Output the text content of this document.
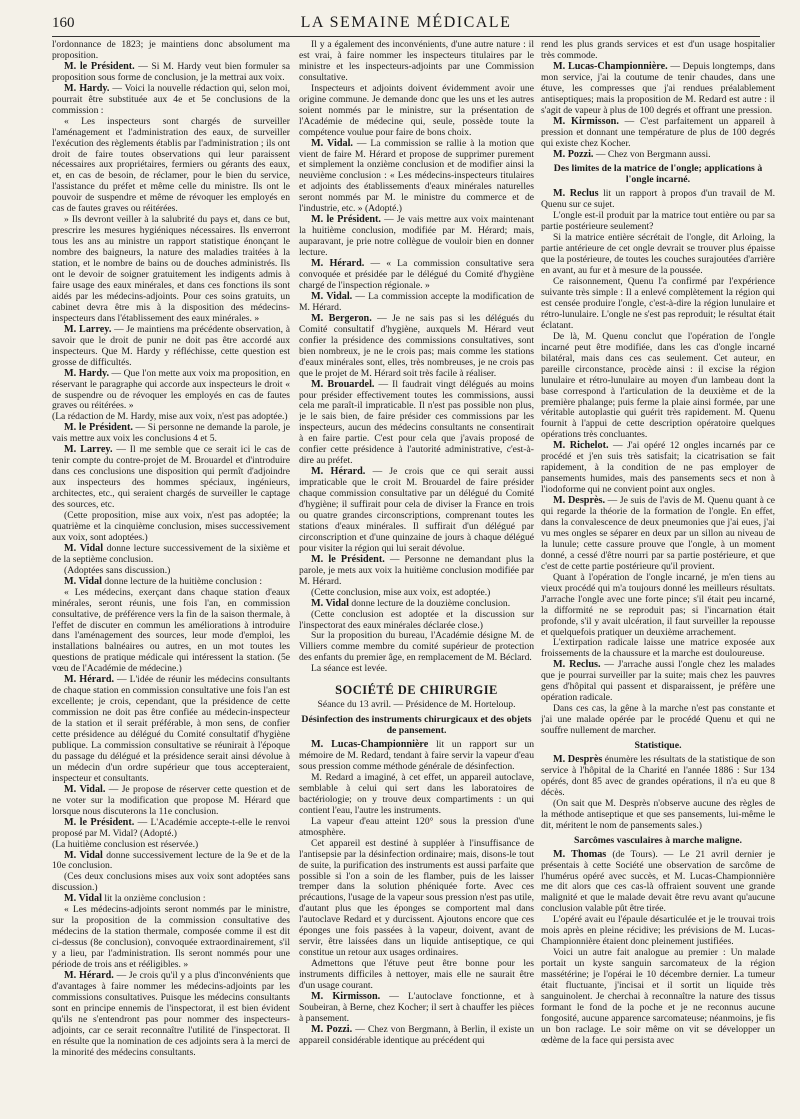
160	LA SEMAINE MÉDICALE

l'ordonnance de 1823; je maintiens donc absolument ma proposition.

M. le Président. — Si M. Hardy veut bien formuler sa proposition sous forme de conclusion, je la mettrai aux voix.

M. Hardy. — Voici la nouvelle rédaction qui, selon moi, pourrait être substituée aux 4e et 5e conclusions de la commission :

« Les inspecteurs sont chargés de surveiller l'aménagement et l'administration des eaux, de surveiller l'exécution des règlements établis par l'administration ; ils ont droit de faire toutes observations qui leur paraissent nécessaires aux propriétaires, fermiers ou gérants des eaux, et, en cas de besoin, de réclamer, pour le bien du service, l'assistance du préfet et même celle du ministre. Ils ont le pouvoir de suspendre et même de révoquer les employés en cas de fautes graves ou réitérées.

» Ils devront veiller à la salubrité du pays et, dans ce but, prescrire les mesures hygiéniques nécessaires. Ils enverront tous les ans au ministre un rapport statistique énonçant le nombre des baigneurs, la nature des maladies traitées à la station, et le nombre de bains ou de douches administrés. Ils ont le devoir de soigner gratuitement les indigents admis à faire usage des eaux minérales, et dans ces fonctions ils sont aidés par les médecins-adjoints. Pour ces soins gratuits, un cabinet devra être mis à la disposition des médecins-inspecteurs dans l'établissement des eaux minérales. »

M. Larrey. — Je maintiens ma précédente observation, à savoir que le droit de punir ne doit pas être accordé aux inspecteurs. Que M. Hardy y réfléchisse, cette question est grosse de difficultés.

M. Hardy. — Que l'on mette aux voix ma proposition, en réservant le paragraphe qui accorde aux inspecteurs le droit « de suspendre ou de révoquer les employés en cas de fautes graves ou réitérées. »

(La rédaction de M. Hardy, mise aux voix, n'est pas adoptée.)

M. le Président. — Si personne ne demande la parole, je vais mettre aux voix les conclusions 4 et 5.

M. Larrey. — Il me semble que ce serait ici le cas de tenir compte du contre-projet de M. Brouardel et d'introduire dans ces conclusions une disposition qui permît d'adjoindre aux inspecteurs des hommes spéciaux, ingénieurs, architectes, etc., qui seraient chargés de surveiller le captage des sources, etc.

(Cette proposition, mise aux voix, n'est pas adoptée; la quatrième et la cinquième conclusion, mises successivement aux voix, sont adoptées.)

M. Vidal donne lecture successivement de la sixième et de la septième conclusion.

(Adoptées sans discussion.)

M. Vidal donne lecture de la huitième conclusion :

« Les médecins, exerçant dans chaque station d'eaux minérales, seront réunis, une fois l'an, en commission consultative, de préférence vers la fin de la saison thermale, à l'effet de discuter en commun les améliorations à introduire dans l'aménagement des sources, leur mode d'emploi, les installations balnéaires ou autres, en un mot toutes les questions de pratique médicale qui intéressent la station. (5e vœu de l'Académie de médecine.)

M. Hérard. — L'idée de réunir les médecins consultants de chaque station en commission consultative une fois l'an est excellente; je crois, cependant, que la présidence de cette commission ne doit pas être confiée au médecin-inspecteur de la station et il serait préférable, à mon sens, de confier cette présidence au délégué du Comité consultatif d'hygiène publique. La commission consultative se réunirait à l'époque du passage du délégué et la présidence serait ainsi dévolue à un médecin d'un ordre supérieur que tous accepteraient, inspecteur et consultants.

M. Vidal. — Je propose de réserver cette question et de ne voter sur la modification que propose M. Hérard que lorsque nous discuterons la 11e conclusion.

M. le Président. — L'Académie accepte-t-elle le renvoi proposé par M. Vidal? (Adopté.)

(La huitième conclusion est réservée.)

M. Vidal donne successivement lecture de la 9e et de la 10e conclusion.

(Ces deux conclusions mises aux voix sont adoptées sans discussion.)

M. Vidal lit la onzième conclusion :

« Les médecins-adjoints seront nommés par le ministre, sur la proposition de la commission consultative des médecins de la station thermale, composée comme il est dit ci-dessus (8e conclusion), convoquée extraordinairement, s'il y a lieu, par l'administration. Ils seront nommés pour une période de trois ans et rééligibles. »

M. Hérard. — Je crois qu'il y a plus d'inconvénients que d'avantages à faire nommer les médecins-adjoints par les commissions consultatives. Puisque les médecins consultants sont en principe ennemis de l'inspectorat, il est bien évident qu'ils ne s'entendront pas pour nommer des inspecteurs-adjoints, car ce serait reconnaître l'utilité de l'inspectorat. Il en résulte que la nomination de ces adjoints sera à la merci de la minorité des médecins consultants.

Il y a également des inconvénients, d'une autre nature : il est vrai, à faire nommer les inspecteurs titulaires par le ministre et les inspecteurs-adjoints par une Commission consultative.

Inspecteurs et adjoints doivent évidemment avoir une origine commune. Je demande donc que les uns et les autres soient nommés par le ministre, sur la présentation de l'Académie de médecine qui, seule, possède toute la compétence voulue pour faire de bons choix.

M. Vidal. — La commission se rallie à la motion que vient de faire M. Hérard et propose de supprimer purement et simplement la onzième conclusion et de modifier ainsi la neuvième conclusion : « Les médecins-inspecteurs titulaires et adjoints des établissements d'eaux minérales naturelles seront nommés par M. le ministre du commerce et de l'industrie, etc. » (Adopté.)

M. le Président. — Je vais mettre aux voix maintenant la huitième conclusion, modifiée par M. Hérard; mais, auparavant, je prie notre collègue de vouloir bien en donner lecture.

M. Hérard. — « La commission consultative sera convoquée et présidée par le délégué du Comité d'hygiène chargé de l'inspection régionale. »

M. Vidal. — La commission accepte la modification de M. Hérard.

M. Bergeron. — Je ne sais pas si les délégués du Comité consultatif d'hygiène, auxquels M. Hérard veut confier la présidence des commissions consultatives, sont bien nombreux, je ne le crois pas; mais comme les stations d'eaux minérales sont, elles, très nombreuses, je ne crois pas que le projet de M. Hérard soit très facile à réaliser.

M. Brouardel. — Il faudrait vingt délégués au moins pour présider effectivement toutes les commissions, aussi cela me paraît-il impraticable. Il n'est pas possible non plus, je le sais bien, de faire présider ces commissions par les inspecteurs, aucun des médecins consultants ne consentirait à en faire partie. C'est pour cela que j'avais proposé de confier cette présidence à l'autorité administrative, c'est-à-dire au préfet.

M. Hérard. — Je crois que ce qui serait aussi impraticable que le croit M. Brouardel de faire présider chaque commission consultative par un délégué du Comité d'hygiène; il suffirait pour cela de diviser la France en trois ou quatre grandes circonscriptions, comprenant toutes les stations d'eaux minérales. Il suffirait d'un délégué par circonscription et d'une quinzaine de jours à chaque délégué pour visiter la région qui lui serait dévolue.

M. le Président. — Personne ne demandant plus la parole, je mets aux voix la huitième conclusion modifiée par M. Hérard.

(Cette conclusion, mise aux voix, est adoptée.)

M. Vidal donne lecture de la douzième conclusion.

(Cette conclusion est adoptée et la discussion sur l'inspectorat des eaux minérales déclarée close.)

Sur la proposition du bureau, l'Académie désigne M. de Villiers comme membre du comité supérieur de protection des enfants du premier âge, en remplacement de M. Béclard.

La séance est levée.

SOCIÉTÉ DE CHIRURGIE

Séance du 13 avril. — Présidence de M. Horteloup.

Désinfection des instruments chirurgicaux et des objets de pansement.

M. Lucas-Championnière lit un rapport sur un mémoire de M. Redard, tendant à faire servir la vapeur d'eau sous pression comme méthode générale de désinfection.

M. Redard a imaginé, à cet effet, un appareil autoclave, semblable à celui qui sert dans les laboratoires de bactériologie; on y trouve deux compartiments : un qui contient l'eau, l'autre les instruments.

La vapeur d'eau atteint 120° sous la pression d'une atmosphère.

Cet appareil est destiné à suppléer à l'insuffisance de l'antisepsie par la désinfection ordinaire; mais, disons-le tout de suite, la purification des instruments est aussi parfaite que possible si l'on a soin de les flamber, puis de les laisser tremper dans la solution phéniquée forte. Avec ces précautions, l'usage de la vapeur sous pression n'est pas utile, d'autant plus que les éponges se comportent mal dans l'autoclave Redard et y durcissent. Ajoutons encore que ces éponges une fois passées à la vapeur, doivent, avant de servir, être laissées dans un liquide antiseptique, ce qui constitue un retour aux usages ordinaires.

Admettons que l'étuve peut être bonne pour les instruments difficiles à nettoyer, mais elle ne saurait être d'un usage courant.

M. Kirmisson. — L'autoclave fonctionne, et à Soubeiran, à Berne, chez Kocher; il sert à chauffer les pièces à pansement.

M. Pozzi. — Chez von Bergmann, à Berlin, il existe un appareil considérable identique au précédent qui

rend les plus grands services et est d'un usage hospitalier très commode.

M. Lucas-Championnière. — Depuis longtemps, dans mon service, j'ai la coutume de tenir chaudes, dans une étuve, les compresses que j'ai rendues préalablement antiseptiques; mais la proposition de M. Redard est autre : il s'agit de vapeur à plus de 100 degrés et offrant une pression.

M. Kirmisson. — C'est parfaitement un appareil à pression et donnant une température de plus de 100 degrés qui existe chez Kocher.

M. Pozzi. — Chez von Bergmann aussi.

Des limites de la matrice de l'ongle; applications à l'ongle incarné.

M. Reclus lit un rapport à propos d'un travail de M. Quenu sur ce sujet.

L'ongle est-il produit par la matrice tout entière ou par sa partie postérieure seulement?

Si la matrice entière sécrétait de l'ongle, dit Arloing, la partie antérieure de cet ongle devrait se trouver plus épaisse que la postérieure, de toutes les couches surajoutées d'arrière en avant, au fur et à mesure de la poussée.

Ce raisonnement, Quenu l'a confirmé par l'expérience suivante très simple : Il a enlevé complètement la région qui est censée produire l'ongle, c'est-à-dire la région lunulaire et rétro-lunulaire. L'ongle ne s'est pas reproduit; le résultat était éclatant.

De là, M. Quenu conclut que l'opération de l'ongle incarné peut être modifiée, dans les cas d'ongle incarné bilatéral, mais dans ces cas seulement. Cet auteur, en pareille circonstance, procède ainsi : il excise la région lunulaire et rétro-lunulaire au moyen d'un lambeau dont la base correspond à l'articulation de la deuxième et de la première phalange; puis ferme la plaie ainsi formée, par une véritable autoplastie qui guérit très rapidement. M. Quenu fournit à l'appui de cette description opératoire quelques opérations très concluantes.

M. Richelot. — J'ai opéré 12 ongles incarnés par ce procédé et j'en suis très satisfait; la cicatrisation se fait rapidement, à la condition de ne pas employer de pansements humides, mais des pansements secs et non à l'iodoforme qui ne convient point aux ongles.

M. Desprès. — Je suis de l'avis de M. Quenu quant à ce qui regarde la théorie de la formation de l'ongle. En effet, dans la convalescence de deux pneumonies que j'ai eues, j'ai vu mes ongles se séparer en deux par un sillon au niveau de la lunule; cette cassure prouve que l'ongle, à un moment donné, a cessé d'être nourri par sa partie postérieure, et que c'est de cette partie postérieure qu'il provient.

Quant à l'opération de l'ongle incarné, je m'en tiens au vieux procédé qui m'a toujours donné les meilleurs résultats. J'arrache l'ongle avec une forte pince; s'il était peu incarné, la difformité ne se reproduit pas; si l'incarnation était profonde, s'il y avait ulcération, il faut surveiller la repousse et quelquefois pratiquer un deuxième arrachement.

L'extirpation radicale laisse une matrice exposée aux froissements de la chaussure et la marche est douloureuse.

M. Reclus. — J'arrache aussi l'ongle chez les malades que je pourrai surveiller par la suite; mais chez les pauvres gens d'hôpital qui passent et disparaissent, je préfère une opération radicale.

Dans ces cas, la gêne à la marche n'est pas constante et j'ai une malade opérée par le procédé Quenu et qui ne souffre nullement de marcher.

Statistique.

M. Desprès énumère les résultats de la statistique de son service à l'hôpital de la Charité en l'année 1886 : Sur 134 opérés, dont 85 avec de grandes opérations, il n'a eu que 8 décès.

(On sait que M. Desprès n'observe aucune des règles de la méthode antiseptique et que ses pansements, lui-même le dit, méritent le nom de pansements sales.)

Sarcômes vasculaires à marche maligne.

M. Thomas (de Tours). — Le 21 avril dernier je présentais à cette Société une observation de sarcôme de l'humérus opéré avec succès, et M. Lucas-Championnière me dit alors que ces cas-là offraient souvent une grande malignité et que le malade devait être revu avant qu'aucune conclusion valable pût être tirée.

L'opéré avait eu l'épaule désarticulée et je le trouvai trois mois après en pleine récidive; les prévisions de M. Lucas-Championnière étaient donc pleinement justifiées.

Voici un autre fait analogue au premier : Un malade portait un kyste sanguin sarcomateux de la région massétérine; je l'opérai le 10 décembre dernier. La tumeur était fluctuante, j'incisai et il sortit un liquide très sanguinolent. Je cherchai à reconnaître la nature des tissus formant le fond de la poche et je ne reconnus aucune fongosité, aucune apparence sarcomateuse; néanmoins, je fis un bon raclage. Le soir même on vit se développer un œdème de la face qui persista avec
